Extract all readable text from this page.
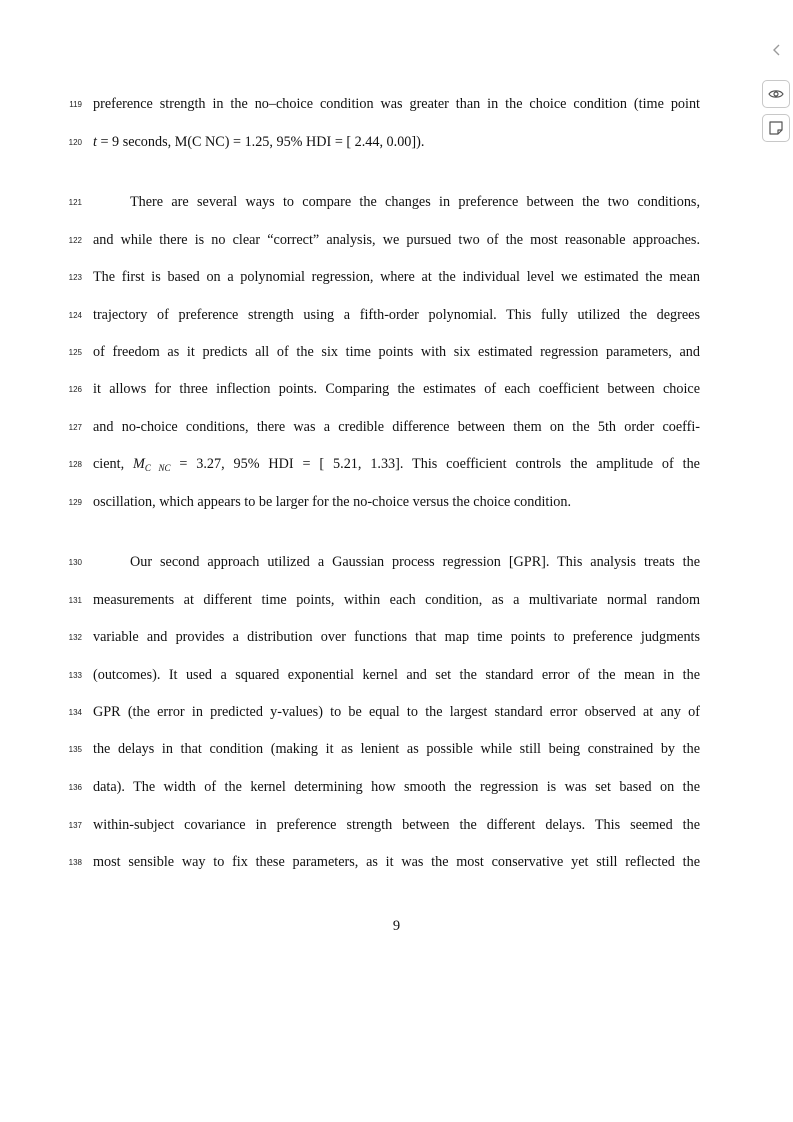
119 preference strength in the no–choice condition was greater than in the choice condition (time point
120 t = 9 seconds, M(C NC) = 1.25, 95% HDI = [ 2.44, 0.00]).
121	There are several ways to compare the changes in preference between the two conditions,
122 and while there is no clear “correct” analysis, we pursued two of the most reasonable approaches.
123 The first is based on a polynomial regression, where at the individual level we estimated the mean
124 trajectory of preference strength using a fifth-order polynomial. This fully utilized the degrees
125 of freedom as it predicts all of the six time points with six estimated regression parameters, and
126 it allows for three inflection points. Comparing the estimates of each coefficient between choice
127 and no-choice conditions, there was a credible difference between them on the 5th order coeffi-
128 cient, $M_{C NC} = 3.27$, 95% HDI = [ 5.21, 1.33]. This coefficient controls the amplitude of the
129 oscillation, which appears to be larger for the no-choice versus the choice condition.
130	Our second approach utilized a Gaussian process regression [GPR]. This analysis treats the
131 measurements at different time points, within each condition, as a multivariate normal random
132 variable and provides a distribution over functions that map time points to preference judgments
133 (outcomes). It used a squared exponential kernel and set the standard error of the mean in the
134 GPR (the error in predicted y-values) to be equal to the largest standard error observed at any of
135 the delays in that condition (making it as lenient as possible while still being constrained by the
136 data). The width of the kernel determining how smooth the regression is was set based on the
137 within-subject covariance in preference strength between the different delays. This seemed the
138 most sensible way to fix these parameters, as it was the most conservative yet still reflected the
9
